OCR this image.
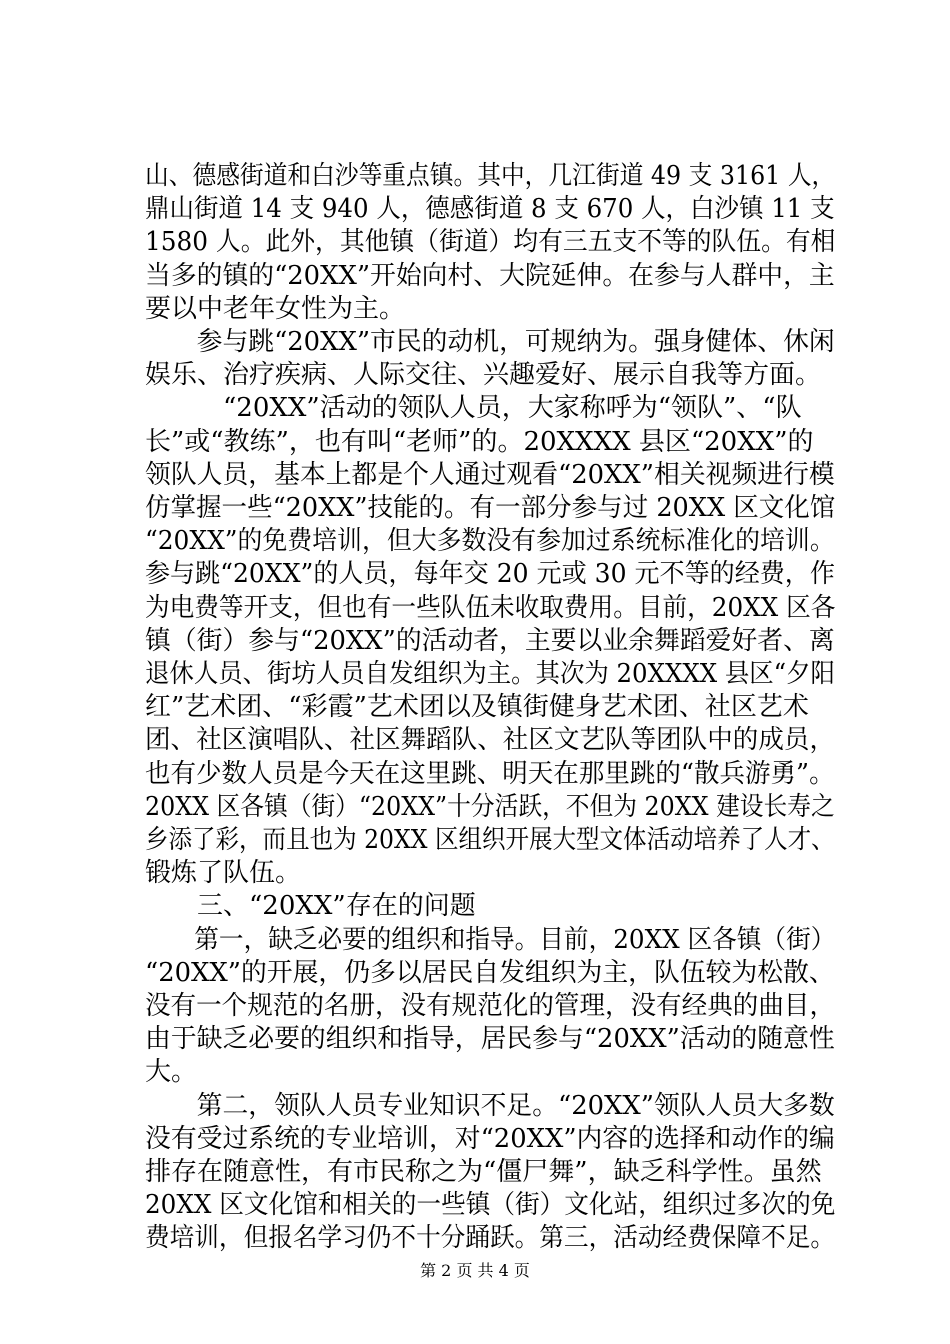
山、德感街道和白沙等重点镇。其中，几江街道 49 支 3161 人，
鼎山街道 14 支 940 人，德感街道 8 支 670 人，白沙镇 11 支
1580 人。此外，其他镇（街道）均有三五支不等的队伍。有相
当多的镇的“20XX”开始向村、大院延伸。在参与人群中，主
要以中老年女性为主。
　　参与跳“20XX”市民的动机，可规纳为。强身健体、休闲
娱乐、治疗疾病、人际交往、兴趣爱好、展示自我等方面。
　　　“20XX”活动的领队人员，大家称呼为“领队”、“队
长”或“教练”，也有叫“老师”的。20XXXX 县区“20XX”的
领队人员，基本上都是个人通过观看“20XX”相关视频进行模
仿掌握一些“20XX”技能的。有一部分参与过 20XX 区文化馆
“20XX”的免费培训，但大多数没有参加过系统标准化的培训。
参与跳“20XX”的人员，每年交 20 元或 30 元不等的经费，作
为电费等开支，但也有一些队伍未收取费用。目前，20XX 区各
镇（街）参与“20XX”的活动者，主要以业余舞蹈爱好者、离
退休人员、街坊人员自发组织为主。其次为 20XXXX 县区“夕阳
红”艺术团、“彩霞”艺术团以及镇街健身艺术团、社区艺术
团、社区演唱队、社区舞蹈队、社区文艺队等团队中的成员，
也有少数人员是今天在这里跳、明天在那里跳的“散兵游勇”。
20XX 区各镇（街）“20XX”十分活跃，不但为 20XX 建设长寿之
乡添了彩，而且也为 20XX 区组织开展大型文体活动培养了人才、
锻炼了队伍。
　　三、“20XX”存在的问题
　　第一，缺乏必要的组织和指导。目前，20XX 区各镇（街）
“20XX”的开展，仍多以居民自发组织为主，队伍较为松散、
没有一个规范的名册，没有规范化的管理，没有经典的曲目，
由于缺乏必要的组织和指导，居民参与“20XX”活动的随意性
大。
　　第二，领队人员专业知识不足。“20XX”领队人员大多数
没有受过系统的专业培训，对“20XX”内容的选择和动作的编
排存在随意性，有市民称之为“僵尸舞”，缺乏科学性。虽然
20XX 区文化馆和相关的一些镇（街）文化站，组织过多次的免
费培训，但报名学习仍不十分踊跃。第三，活动经费保障不足。
第 2 页 共 4 页
